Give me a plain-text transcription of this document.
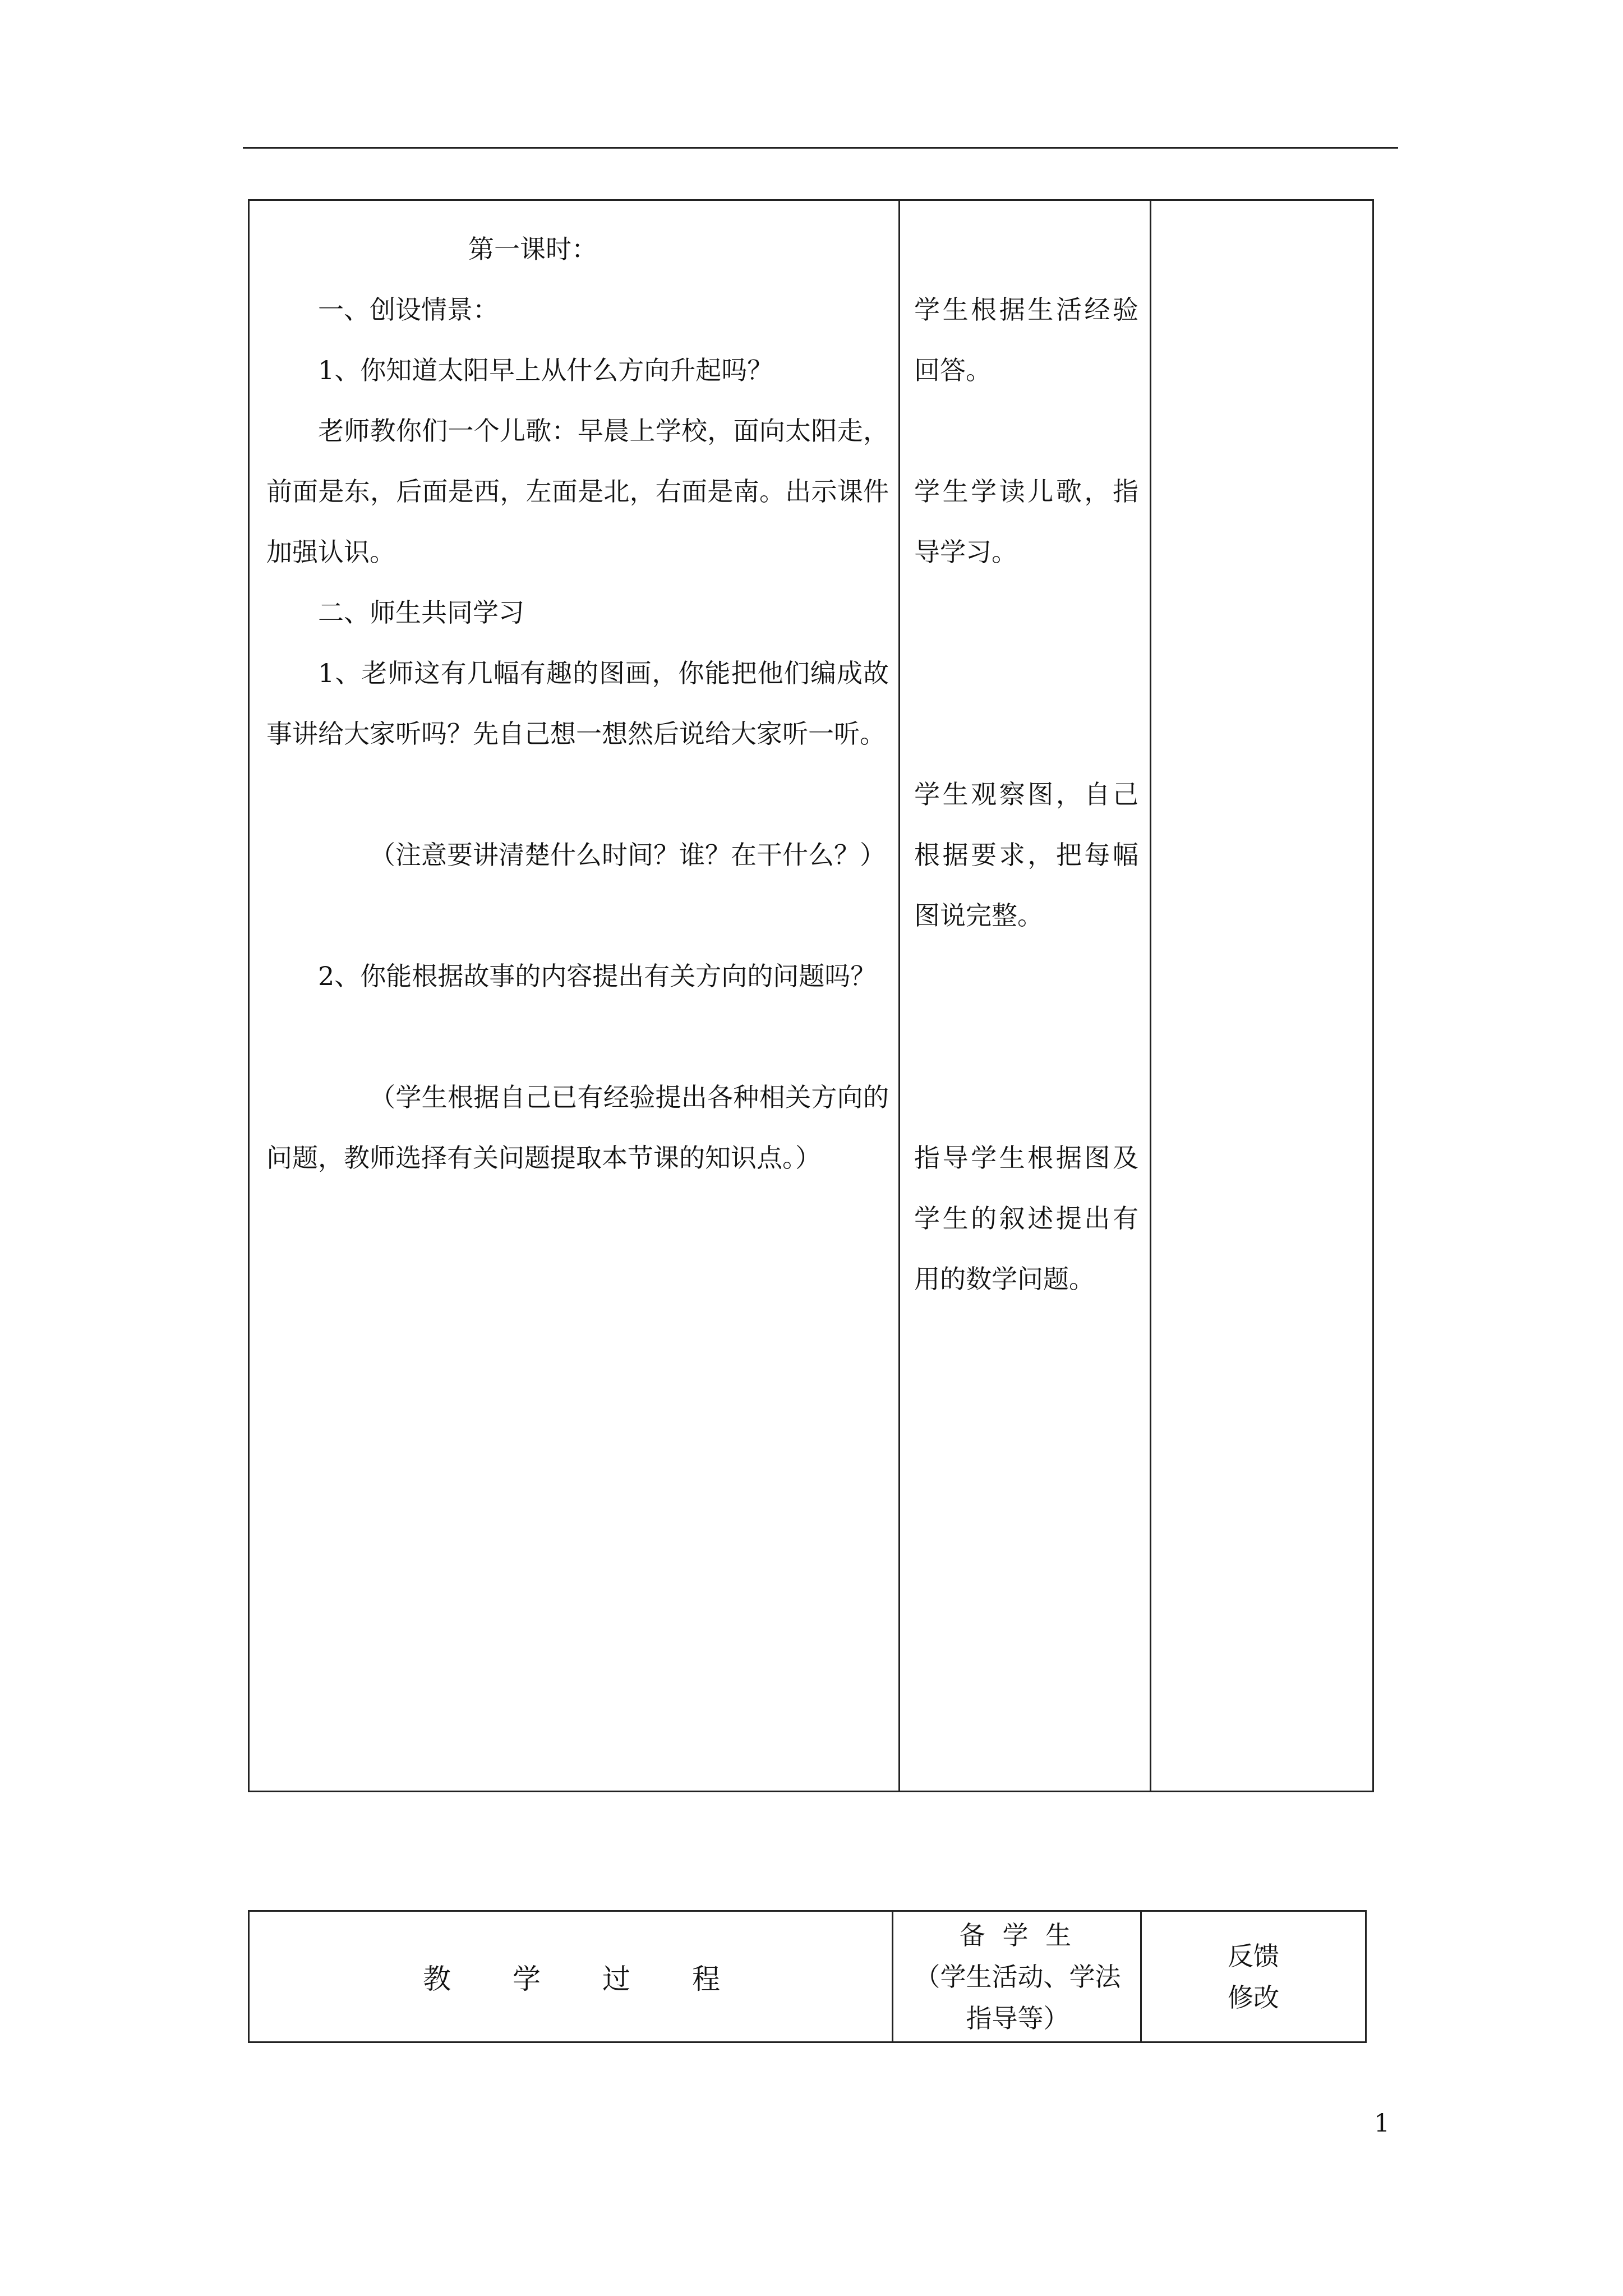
第一课时：

一、创设情景：

1、你知道太阳早上从什么方向升起吗？

老师教你们一个儿歌：早晨上学校，面向太阳走，前面是东，后面是西，左面是北，右面是南。出示课件加强认识。

二、师生共同学习

1、老师这有几幅有趣的图画，你能把他们编成故事讲给大家听吗？先自己想一想然后说给大家听一听。

（注意要讲清楚什么时间？谁？在干什么？）

2、你能根据故事的内容提出有关方向的问题吗？

（学生根据自己已有经验提出各种相关方向的问题，教师选择有关问题提取本节课的知识点。）

学生根据生活经验回答。

学生学读儿歌，指导学习。

学生观察图，自己根据要求，把每幅图说完整。

指导学生根据图及学生的叙述提出有用的数学问题。

教学过程
备 学 生
（学生活动、学法
指导等）
反馈
修改
1
